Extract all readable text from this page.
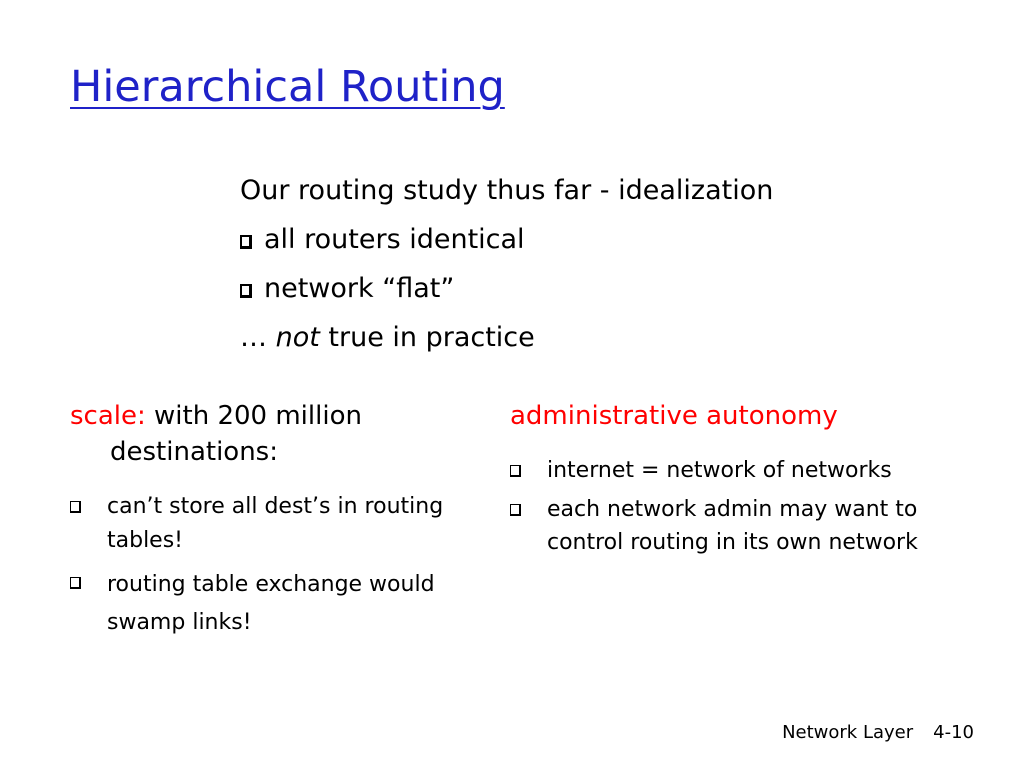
Hierarchical Routing
Our routing study thus far - idealization
all routers identical
network “flat”
… not true in practice
scale: with 200 million
destinations:
can’t store all dest’s in routing tables!
routing table exchange would swamp links!
administrative autonomy
internet = network of networks
each network admin may want to control routing in its own network
Network Layer 4-10
